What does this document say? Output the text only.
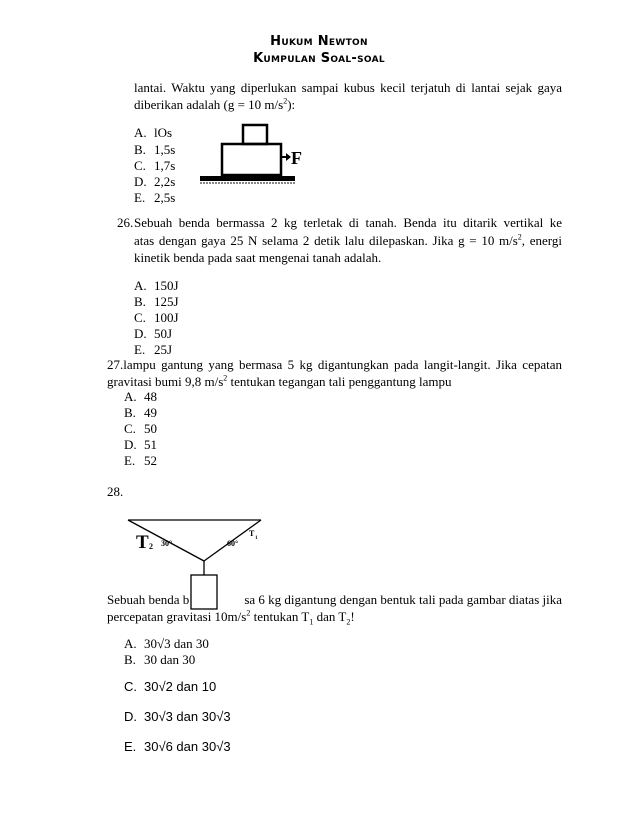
Hukum Newton
Kumpulan Soal-soal
lantai. Waktu yang diperlukan sampai kubus kecil terjatuh di lantai sejak gaya
diberikan adalah (g = 10 $m/s^2$):
A. lOs
B. 1,5s
C. 1,7s
D. 2,2s
E. 2,5s
F
26. Sebuah benda bermassa 2 kg terletak di tanah. Benda itu ditarik vertikal ke
atas dengan gaya 25 N selama 2 detik lalu dilepaskan. Jika g = 10 $m/s^2$, energi
kinetik benda pada saat mengenai tanah adalah.
A. 150J
B. 125J
C. 100J
D. 50J
E. 25J
27.lampu gantung yang bermasa 5 kg digantungkan pada langit-langit. Jika cepatan
gravitasi bumi 9,8 $m/s^2$ tentukan tegangan tali penggantung lampu
A. 48
B. 49
C. 50
D. 51
E. 52
28.
T 2 30°	60°
T
1
Sebuah benda b	sa 6 kg digantung dengan bentuk tali pada gambar diatas jika
percepatan gravitasi $10m/s^2$ tentukan $T_1$ dan $T_2$!
A. 30√3 dan 30
B. 30 dan 30
C. 30√2 dan 10
D. 30√3 dan 30√3
E. 30√6 dan 30√3
